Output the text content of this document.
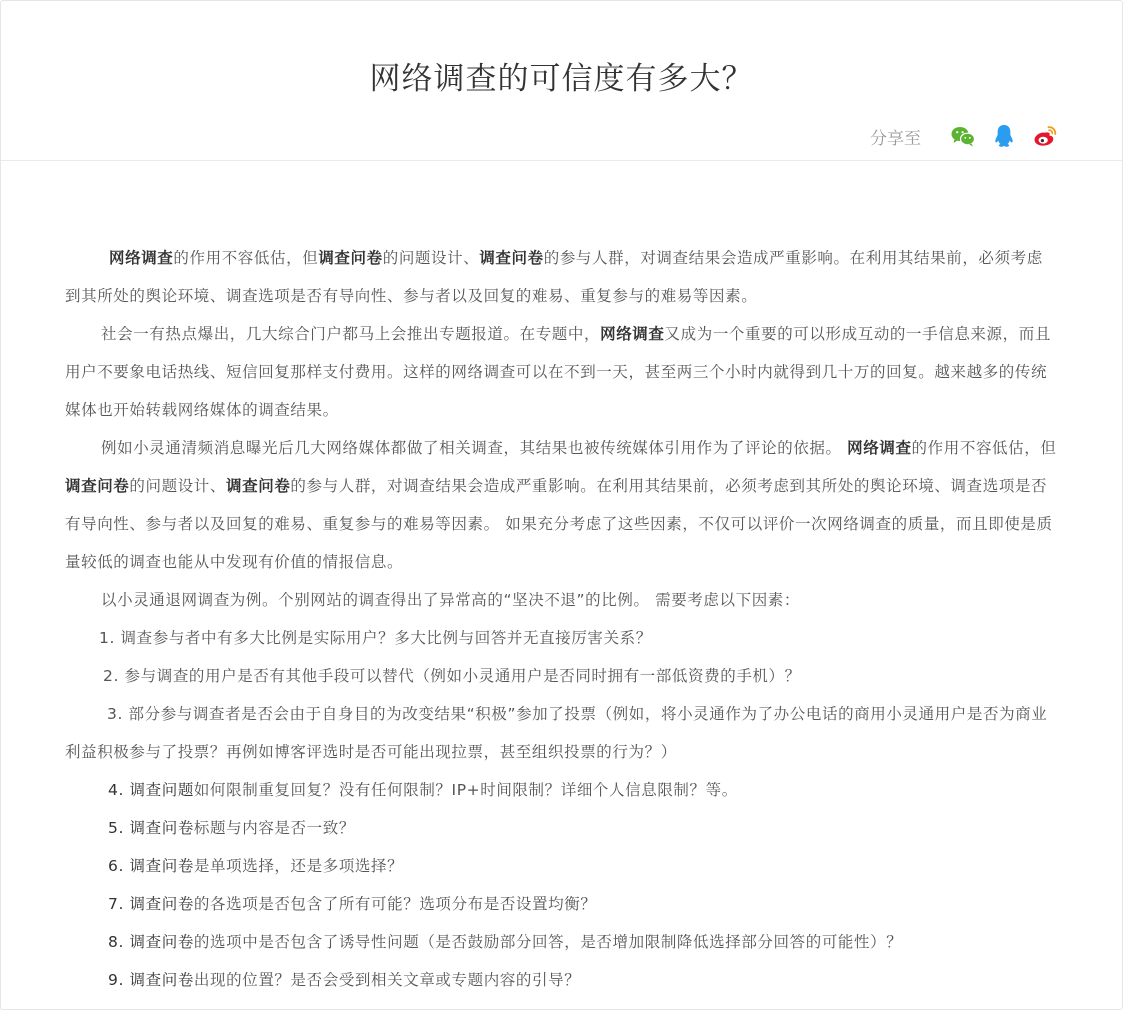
网络调查的可信度有多大？
分享至

网络调查的作用不容低估，但调查问卷的问题设计、调查问卷的参与人群，对调查结果会造成严重影响。在利用其结果前，必须考虑到其所处的舆论环境、调查选项是否有导向性、参与者以及回复的难易、重复参与的难易等因素。

社会一有热点爆出，几大综合门户都马上会推出专题报道。在专题中，网络调查又成为一个重要的可以形成互动的一手信息来源，而且用户不要象电话热线、短信回复那样支付费用。这样的网络调查可以在不到一天，甚至两三个小时内就得到几十万的回复。越来越多的传统媒体也开始转载网络媒体的调查结果。

例如小灵通清频消息曝光后几大网络媒体都做了相关调查，其结果也被传统媒体引用作为了评论的依据。 网络调查的作用不容低估，但调查问卷的问题设计、调查问卷的参与人群，对调查结果会造成严重影响。在利用其结果前，必须考虑到其所处的舆论环境、调查选项是否有导向性、参与者以及回复的难易、重复参与的难易等因素。 如果充分考虑了这些因素，不仅可以评价一次网络调查的质量，而且即使是质量较低的调查也能从中发现有价值的情报信息。

以小灵通退网调查为例。个别网站的调查得出了异常高的“坚决不退”的比例。 需要考虑以下因素：

1. 调查参与者中有多大比例是实际用户？多大比例与回答并无直接厉害关系？

2. 参与调查的用户是否有其他手段可以替代（例如小灵通用户是否同时拥有一部低资费的手机）？

3. 部分参与调查者是否会由于自身目的为改变结果“积极”参加了投票（例如，将小灵通作为了办公电话的商用小灵通用户是否为商业利益积极参与了投票？再例如博客评选时是否可能出现拉票，甚至组织投票的行为？）

4. 调查问题如何限制重复回复？没有任何限制？IP+时间限制？详细个人信息限制？等。

5. 调查问卷标题与内容是否一致？

6. 调查问卷是单项选择，还是多项选择？

7. 调查问卷的各选项是否包含了所有可能？选项分布是否设置均衡？

8. 调查问卷的选项中是否包含了诱导性问题（是否鼓励部分回答，是否增加限制降低选择部分回答的可能性）？

9. 调查问卷出现的位置？是否会受到相关文章或专题内容的引导？
